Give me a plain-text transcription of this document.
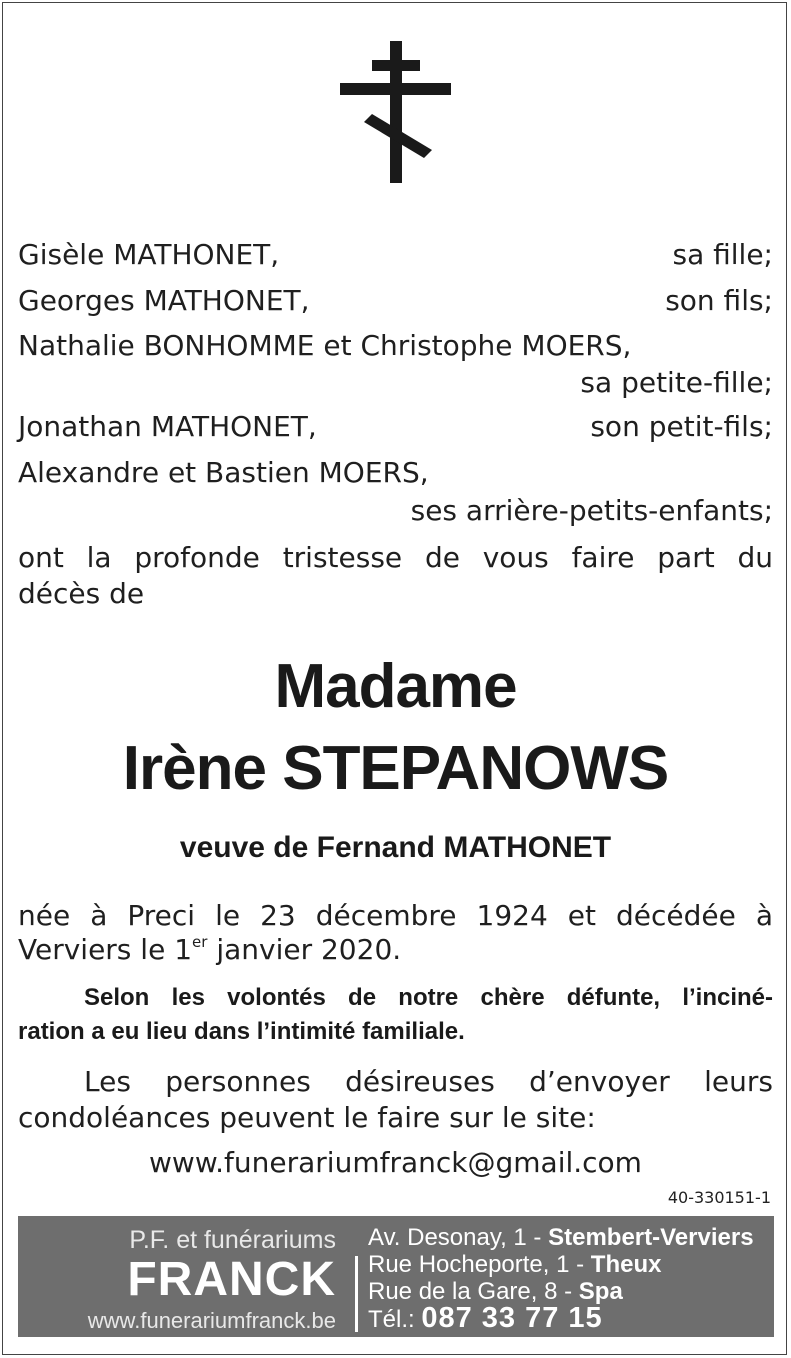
Gisèle MATHONET,	sa fille;
Georges MATHONET,	son fils;
Nathalie BONHOMME et Christophe MOERS,
sa petite-fille;
Jonathan MATHONET,	son petit-fils;
Alexandre et Bastien MOERS,
ses arrière-petits-enfants;
ont la profonde tristesse de vous faire part du
décès de
Madame
Irène STEPANOWS
veuve de Fernand MATHONET
née à Preci le 23 décembre 1924 et décédée à
Verviers le 1er janvier 2020.
Selon les volontés de notre chère défunte, l’inciné-
ration a eu lieu dans l’intimité familiale.
Les personnes désireuses d’envoyer leurs
condoléances peuvent le faire sur le site:
www.funerariumfranck@gmail.com
40-330151-1
P.F. et funérariums
FRANCK
www.funerariumfranck.be
Av. Desonay, 1 - Stembert-Verviers
Rue Hocheporte, 1 - Theux
Rue de la Gare, 8 - Spa
Tél.: 087 33 77 15
